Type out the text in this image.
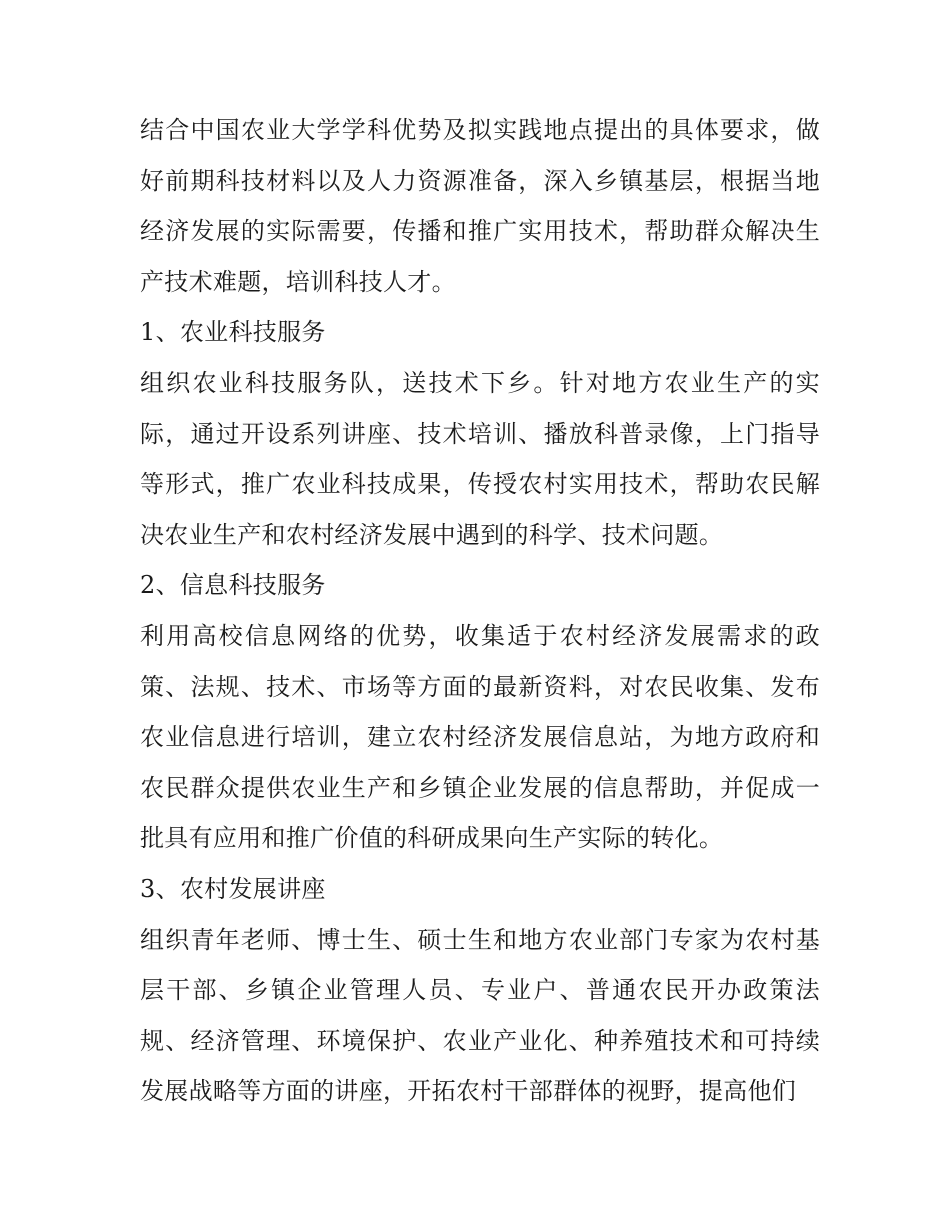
结合中国农业大学学科优势及拟实践地点提出的具体要求，做好前期科技材料以及人力资源准备，深入乡镇基层，根据当地经济发展的实际需要，传播和推广实用技术，帮助群众解决生产技术难题，培训科技人才。

1、农业科技服务

组织农业科技服务队，送技术下乡。针对地方农业生产的实际，通过开设系列讲座、技术培训、播放科普录像，上门指导等形式，推广农业科技成果，传授农村实用技术，帮助农民解决农业生产和农村经济发展中遇到的科学、技术问题。

2、信息科技服务

利用高校信息网络的优势，收集适于农村经济发展需求的政策、法规、技术、市场等方面的最新资料，对农民收集、发布农业信息进行培训，建立农村经济发展信息站，为地方政府和农民群众提供农业生产和乡镇企业发展的信息帮助，并促成一批具有应用和推广价值的科研成果向生产实际的转化。

3、农村发展讲座

组织青年老师、博士生、硕士生和地方农业部门专家为农村基层干部、乡镇企业管理人员、专业户、普通农民开办政策法规、经济管理、环境保护、农业产业化、种养殖技术和可持续发展战略等方面的讲座，开拓农村干部群体的视野，提高他们
